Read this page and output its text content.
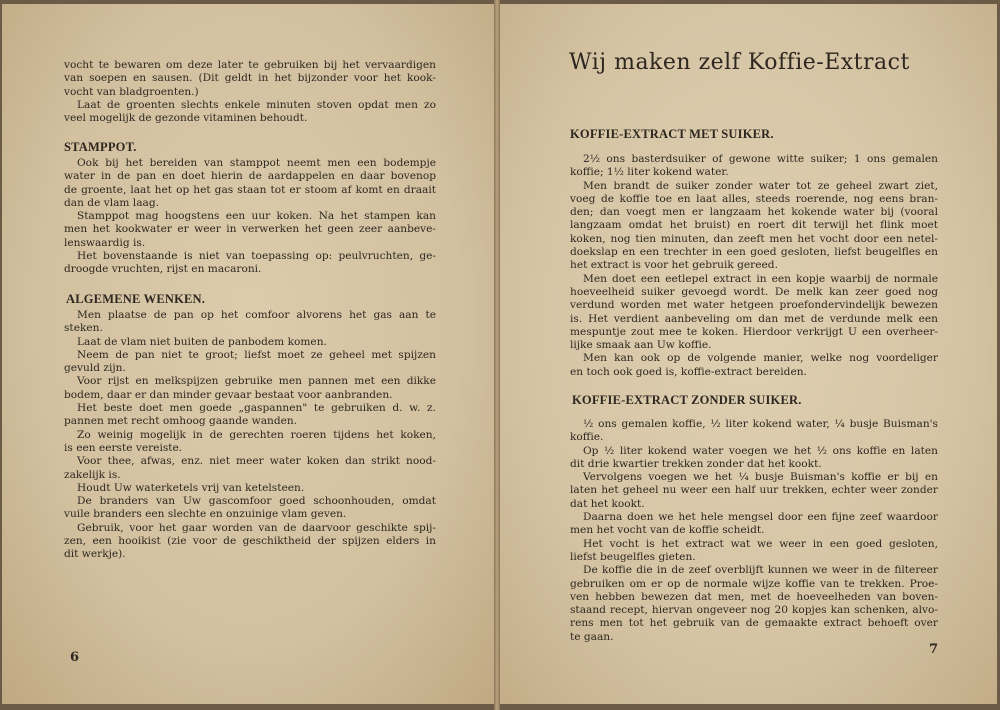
vocht te bewaren om deze later te gebruiken bij het vervaardigen
van soepen en sausen. (Dit geldt in het bijzonder voor het kook-
vocht van bladgroenten.)
Laat de groenten slechts enkele minuten stoven opdat men zo
veel mogelijk de gezonde vitaminen behoudt.
STAMPPOT.
Ook bij het bereiden van stamppot neemt men een bodempje
water in de pan en doet hierin de aardappelen en daar bovenop
de groente, laat het op het gas staan tot er stoom af komt en draait
dan de vlam laag.
Stamppot mag hoogstens een uur koken. Na het stampen kan
men het kookwater er weer in verwerken het geen zeer aanbeve-
lenswaardig is.
Het bovenstaande is niet van toepassing op: peulvruchten, ge-
droogde vruchten, rijst en macaroni.
ALGEMENE WENKEN.
Men plaatse de pan op het comfoor alvorens het gas aan te
steken.
Laat de vlam niet buiten de panbodem komen.
Neem de pan niet te groot; liefst moet ze geheel met spijzen
gevuld zijn.
Voor rijst en melkspijzen gebruike men pannen met een dikke
bodem, daar er dan minder gevaar bestaat voor aanbranden.
Het beste doet men goede „gaspannen" te gebruiken d. w. z.
pannen met recht omhoog gaande wanden.
Zo weinig mogelijk in de gerechten roeren tijdens het koken,
is een eerste vereiste.
Voor thee, afwas, enz. niet meer water koken dan strikt nood-
zakelijk is.
Houdt Uw waterketels vrij van ketelsteen.
De branders van Uw gascomfoor goed schoonhouden, omdat
vuile branders een slechte en onzuinige vlam geven.
Gebruik, voor het gaar worden van de daarvoor geschikte spij-
zen, een hooikist (zie voor de geschiktheid der spijzen elders in
dit werkje).
6
Wij maken zelf Koffie-Extract
KOFFIE-EXTRACT MET SUIKER.
2½ ons basterdsuiker of gewone witte suiker; 1 ons gemalen
koffie; 1½ liter kokend water.
Men brandt de suiker zonder water tot ze geheel zwart ziet,
voeg de koffie toe en laat alles, steeds roerende, nog eens bran-
den; dan voegt men er langzaam het kokende water bij (vooral
langzaam omdat het bruist) en roert dit terwijl het flink moet
koken, nog tien minuten, dan zeeft men het vocht door een netel-
doekslap en een trechter in een goed gesloten, liefst beugelfles en
het extract is voor het gebruik gereed.
Men doet een eetlepel extract in een kopje waarbij de normale
hoeveelheid suiker gevoegd wordt. De melk kan zeer goed nog
verdund worden met water hetgeen proefondervindelijk bewezen
is. Het verdient aanbeveling om dan met de verdunde melk een
mespuntje zout mee te koken. Hierdoor verkrijgt U een overheer-
lijke smaak aan Uw koffie.
Men kan ook op de volgende manier, welke nog voordeliger
en toch ook goed is, koffie-extract bereiden.
KOFFIE-EXTRACT ZONDER SUIKER.
½ ons gemalen koffie, ½ liter kokend water, ¼ busje Buisman's
koffie.
Op ½ liter kokend water voegen we het ½ ons koffie en laten
dit drie kwartier trekken zonder dat het kookt.
Vervolgens voegen we het ¼ busje Buisman's koffie er bij en
laten het geheel nu weer een half uur trekken, echter weer zonder
dat het kookt.
Daarna doen we het hele mengsel door een fijne zeef waardoor
men het vocht van de koffie scheidt.
Het vocht is het extract wat we weer in een goed gesloten,
liefst beugelfles gieten.
De koffie die in de zeef overblijft kunnen we weer in de filtereer
gebruiken om er op de normale wijze koffie van te trekken. Proe-
ven hebben bewezen dat men, met de hoeveelheden van boven-
staand recept, hiervan ongeveer nog 20 kopjes kan schenken, alvo-
rens men tot het gebruik van de gemaakte extract behoeft over
te gaan.
7
